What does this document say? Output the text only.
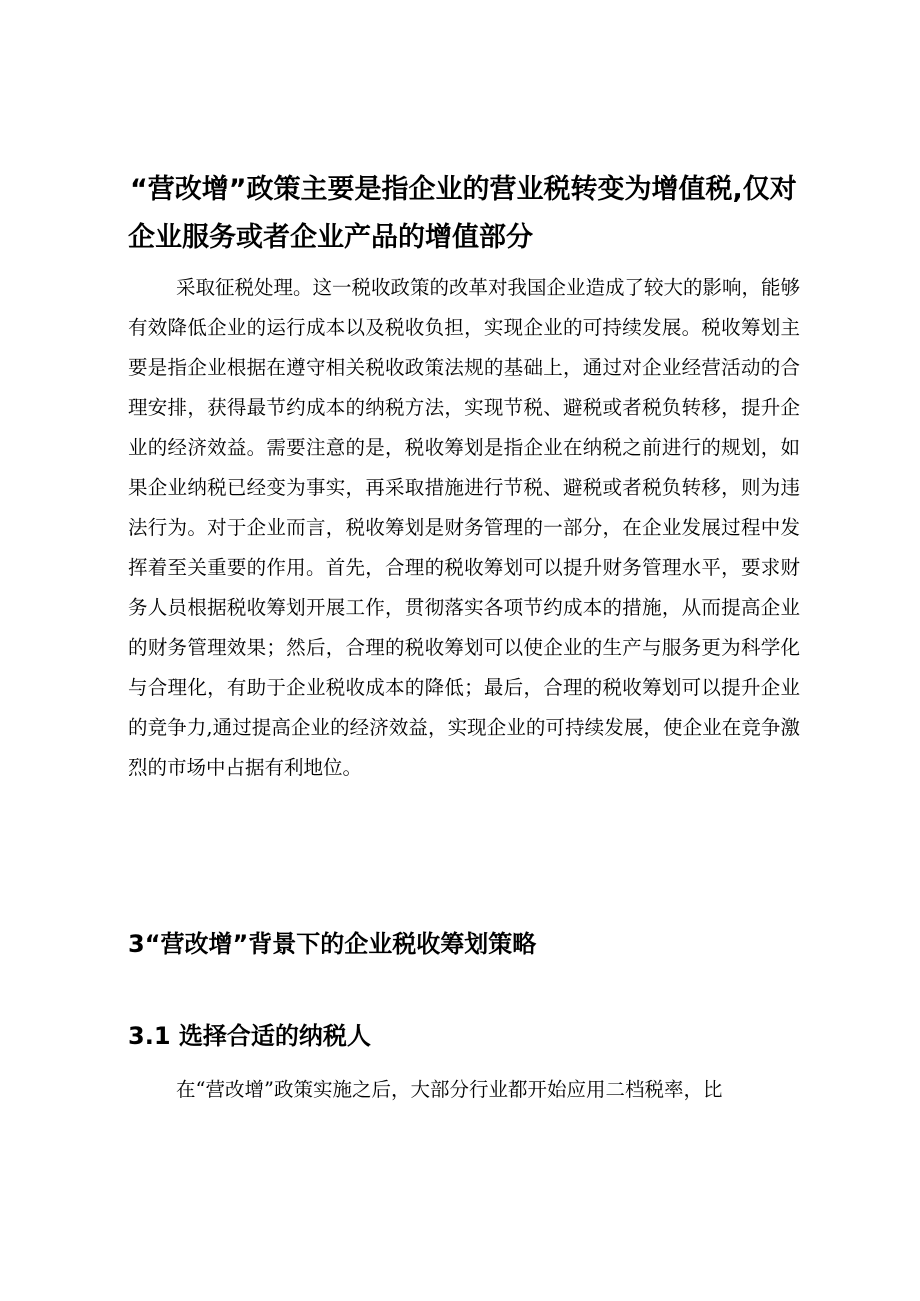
“营改增”政策主要是指企业的营业税转变为增值税,仅对企业服务或者企业产品的增值部分

采取征税处理。这一税收政策的改革对我国企业造成了较大的影响，能够有效降低企业的运行成本以及税收负担，实现企业的可持续发展。税收筹划主要是指企业根据在遵守相关税收政策法规的基础上，通过对企业经营活动的合理安排，获得最节约成本的纳税方法，实现节税、避税或者税负转移，提升企业的经济效益。需要注意的是，税收筹划是指企业在纳税之前进行的规划，如果企业纳税已经变为事实，再采取措施进行节税、避税或者税负转移，则为违法行为。对于企业而言，税收筹划是财务管理的一部分，在企业发展过程中发挥着至关重要的作用。首先，合理的税收筹划可以提升财务管理水平，要求财务人员根据税收筹划开展工作，贯彻落实各项节约成本的措施，从而提高企业的财务管理效果；然后，合理的税收筹划可以使企业的生产与服务更为科学化与合理化，有助于企业税收成本的降低；最后，合理的税收筹划可以提升企业的竞争力,通过提高企业的经济效益，实现企业的可持续发展，使企业在竞争激烈的市场中占据有利地位。

3“营改增”背景下的企业税收筹划策略
3.1 选择合适的纳税人

在“营改增”政策实施之后，大部分行业都开始应用二档税率，比
